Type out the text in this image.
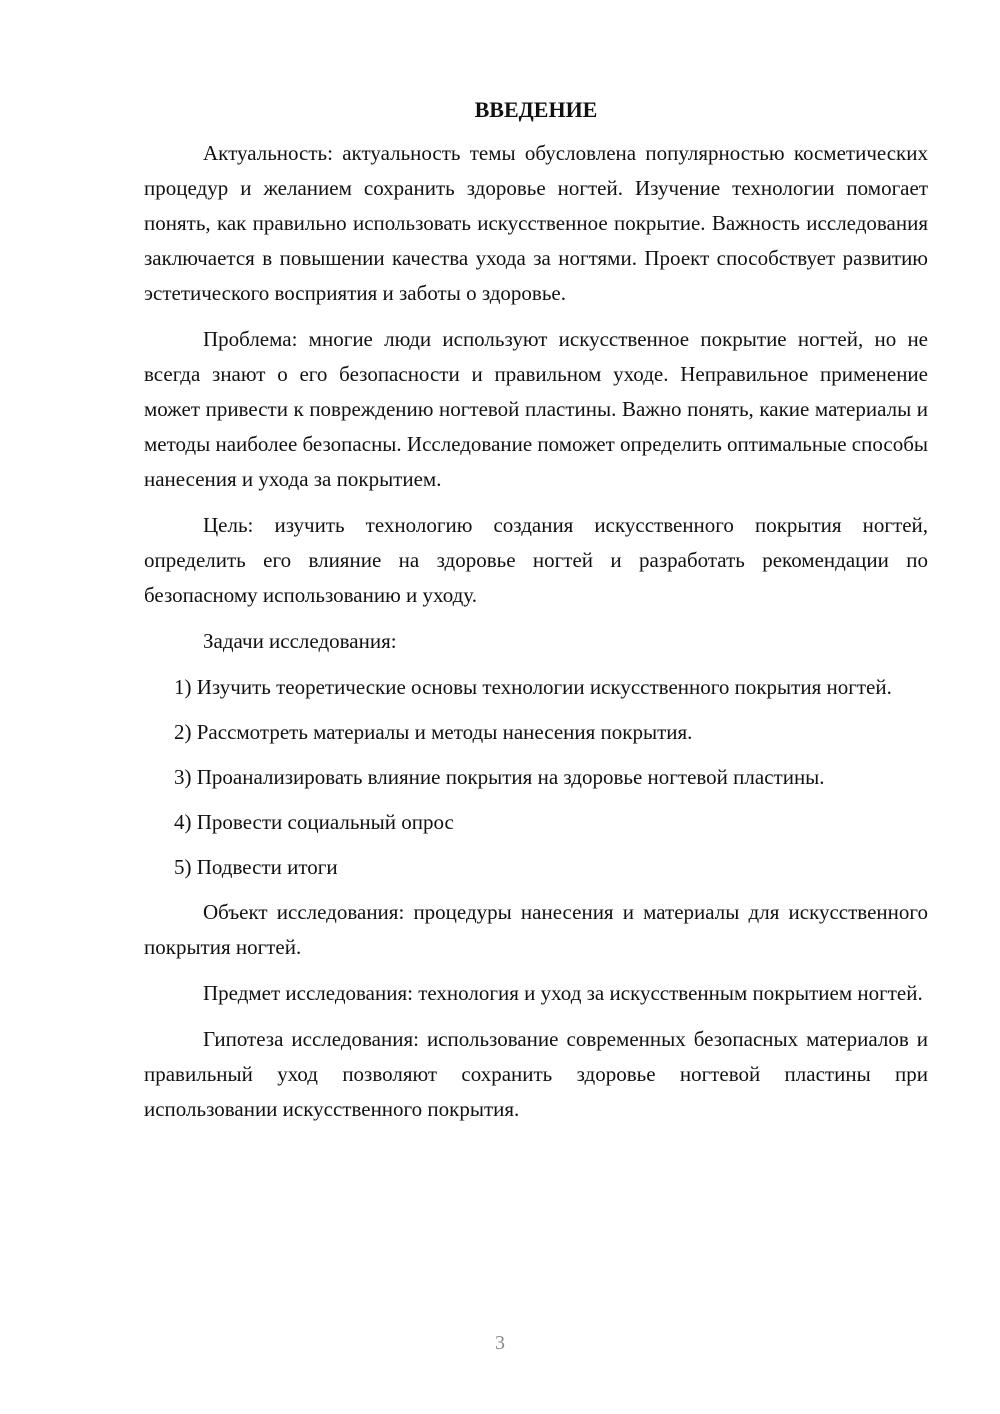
ВВЕДЕНИЕ

Актуальность: актуальность темы обусловлена популярностью косметических процедур и желанием сохранить здоровье ногтей. Изучение технологии помогает понять, как правильно использовать искусственное покрытие. Важность исследования заключается в повышении качества ухода за ногтями. Проект способствует развитию эстетического восприятия и заботы о здоровье.

Проблема: многие люди используют искусственное покрытие ногтей, но не всегда знают о его безопасности и правильном уходе. Неправильное применение может привести к повреждению ногтевой пластины. Важно понять, какие материалы и методы наиболее безопасны. Исследование поможет определить оптимальные способы нанесения и ухода за покрытием.

Цель: изучить технологию создания искусственного покрытия ногтей, определить его влияние на здоровье ногтей и разработать рекомендации по безопасному использованию и уходу.

Задачи исследования:

1) Изучить теоретические основы технологии искусственного покрытия ногтей.

2) Рассмотреть материалы и методы нанесения покрытия.

3) Проанализировать влияние покрытия на здоровье ногтевой пластины.

4) Провести социальный опрос

5) Подвести итоги

Объект исследования: процедуры нанесения и материалы для искусственного покрытия ногтей.

Предмет исследования: технология и уход за искусственным покрытием ногтей.

Гипотеза исследования: использование современных безопасных материалов и правильный уход позволяют сохранить здоровье ногтевой пластины при использовании искусственного покрытия.

3
